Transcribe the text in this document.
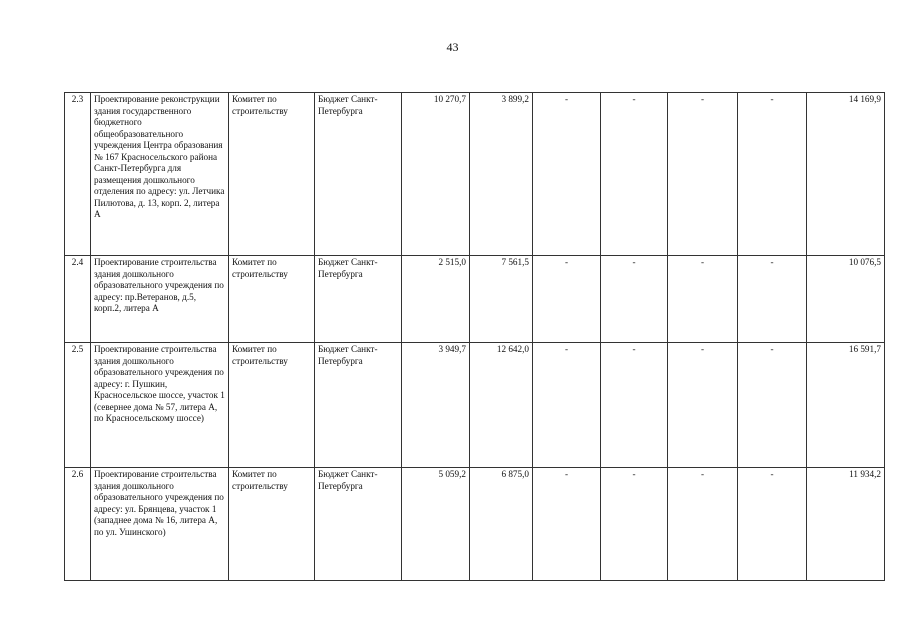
43
2.3	Проектирование реконструкции здания государственного бюджетного общеобразовательного учреждения Центра образования № 167 Красносельского района Санкт-Петербурга для размещения дошкольного отделения по адресу: ул. Летчика Пилютова, д. 13, корп. 2, литера А	Комитет по строительству	Бюджет Санкт-Петербурга	10 270,7	3 899,2	-	-	-	-	14 169,9
2.4	Проектирование строительства здания дошкольного образовательного учреждения по адресу: пр.Ветеранов, д.5, корп.2, литера А	Комитет по строительству	Бюджет Санкт-Петербурга	2 515,0	7 561,5	-	-	-	-	10 076,5
2.5	Проектирование строительства здания дошкольного образовательного учреждения по адресу: г. Пушкин, Красносельское шоссе, участок 1 (севернее дома № 57, литера А, по Красносельскому шоссе)	Комитет по строительству	Бюджет Санкт-Петербурга	3 949,7	12 642,0	-	-	-	-	16 591,7
2.6	Проектирование строительства здания дошкольного образовательного учреждения по адресу: ул. Брянцева, участок 1 (западнее дома № 16, литера А, по ул. Ушинского)	Комитет по строительству	Бюджет Санкт-Петербурга	5 059,2	6 875,0	-	-	-	-	11 934,2
